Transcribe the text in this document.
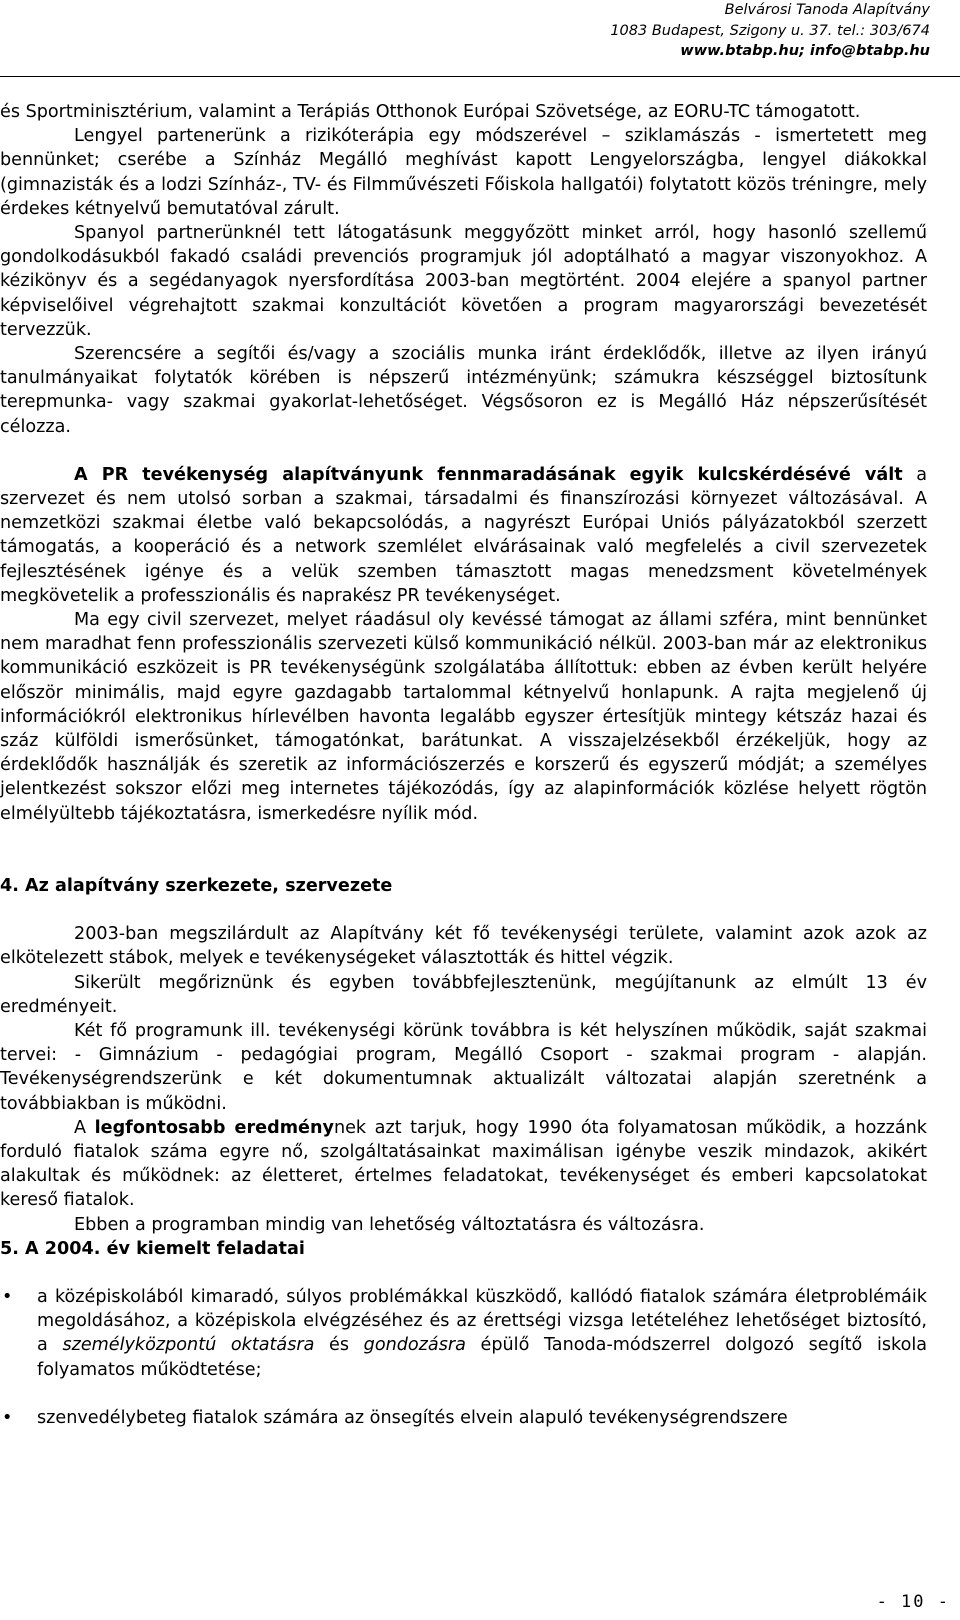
Belvárosi Tanoda Alapítvány
1083 Budapest, Szigony u. 37. tel.: 303/674
www.btabp.hu; info@btabp.hu

és Sportminisztérium, valamint a Terápiás Otthonok Európai Szövetsége, az EORU-TC támogatott.

Lengyel partenerünk a rizikóterápia egy módszerével – sziklamászás - ismertetett meg bennünket; cserébe a Színház Megálló meghívást kapott Lengyelországba, lengyel diákokkal (gimnazisták és a lodzi Színház-, TV- és Filmművészeti Főiskola hallgatói) folytatott közös tréningre, mely érdekes kétnyelvű bemutatóval zárult.

Spanyol partnerünknél tett látogatásunk meggyőzött minket arról, hogy hasonló szellemű gondolkodásukból fakadó családi prevenciós programjuk jól adoptálható a magyar viszonyokhoz. A kézikönyv és a segédanyagok nyersfordítása 2003-ban megtörtént. 2004 elejére a spanyol partner képviselőivel végrehajtott szakmai konzultációt követően a program magyarországi bevezetését tervezzük.

Szerencsére a segítői és/vagy a szociális munka iránt érdeklődők, illetve az ilyen irányú tanulmányaikat folytatók körében is népszerű intézményünk; számukra készséggel biztosítunk terepmunka- vagy szakmai gyakorlat-lehetőséget. Végsősoron ez is Megálló Ház népszerűsítését célozza.

A PR tevékenység alapítványunk fennmaradásának egyik kulcskérdésévé vált a szervezet és nem utolsó sorban a szakmai, társadalmi és finanszírozási környezet változásával. A nemzetközi szakmai életbe való bekapcsolódás, a nagyrészt Európai Uniós pályázatokból szerzett támogatás, a kooperáció és a network szemlélet elvárásainak való megfelelés a civil szervezetek fejlesztésének igénye és a velük szemben támasztott magas menedzsment követelmények megkövetelik a professzionális és naprakész PR tevékenységet.

Ma egy civil szervezet, melyet ráadásul oly kevéssé támogat az állami szféra, mint bennünket nem maradhat fenn professzionális szervezeti külső kommunikáció nélkül. 2003-ban már az elektronikus kommunikáció eszközeit is PR tevékenységünk szolgálatába állítottuk: ebben az évben került helyére először minimális, majd egyre gazdagabb tartalommal kétnyelvű honlapunk. A rajta megjelenő új információkról elektronikus hírlevélben havonta legalább egyszer értesítjük mintegy kétszáz hazai és száz külföldi ismerősünket, támogatónkat, barátunkat. A visszajelzésekből érzékeljük, hogy az érdeklődők használják és szeretik az információszerzés e korszerű és egyszerű módját; a személyes jelentkezést sokszor előzi meg internetes tájékozódás, így az alapinformációk közlése helyett rögtön elmélyültebb tájékoztatásra, ismerkedésre nyílik mód.

4. Az alapítvány szerkezete, szervezete

2003-ban megszilárdult az Alapítvány két fő tevékenységi területe, valamint azok azok az elkötelezett stábok, melyek e tevékenységeket választották és hittel végzik.

Sikerült megőriznünk és egyben továbbfejlesztenünk, megújítanunk az elmúlt 13 év eredményeit.

Két fő programunk ill. tevékenységi körünk továbbra is két helyszínen működik, saját szakmai tervei: - Gimnázium - pedagógiai program, Megálló Csoport - szakmai program - alapján. Tevékenységrendszerünk e két dokumentumnak aktualizált változatai alapján szeretnénk a továbbiakban is működni.

A legfontosabb eredménynek azt tarjuk, hogy 1990 óta folyamatosan működik, a hozzánk forduló fiatalok száma egyre nő, szolgáltatásainkat maximálisan igénybe veszik mindazok, akikért alakultak és működnek: az életteret, értelmes feladatokat, tevékenységet és emberi kapcsolatokat kereső fiatalok.

Ebben a programban mindig van lehetőség változtatásra és változásra.

5. A 2004. év kiemelt feladatai

• a középiskolából kimaradó, súlyos problémákkal küszködő, kallódó fiatalok számára életproblémáik megoldásához, a középiskola elvégzéséhez és az érettségi vizsga letételéhez lehetőséget biztosító, a személyközpontú oktatásra és gondozásra épülő Tanoda-módszerrel dolgozó segítő iskola folyamatos működtetése;
• szenvedélybeteg fiatalok számára az önsegítés elvein alapuló tevékenységrendszere
- 10 -
